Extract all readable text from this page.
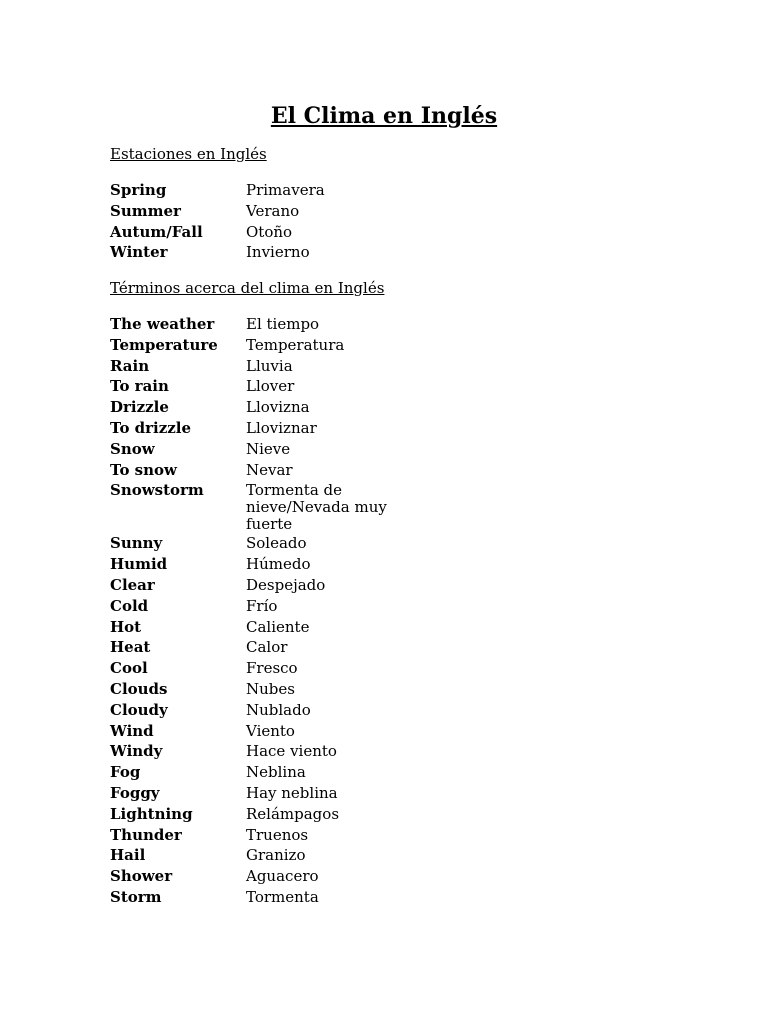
El Clima en Inglés
Estaciones en Inglés
Spring	Primavera
Summer	Verano
Autum/Fall	Otoño
Winter	Invierno
Términos acerca del clima en Inglés
The weather	El tiempo
Temperature	Temperatura
Rain	Lluvia
To rain	Llover
Drizzle	Llovizna
To drizzle	Lloviznar
Snow	Nieve
To snow	Nevar
Snowstorm	Tormenta de nieve/Nevada muy fuerte
Sunny	Soleado
Humid	Húmedo
Clear	Despejado
Cold	Frío
Hot	Caliente
Heat	Calor
Cool	Fresco
Clouds	Nubes
Cloudy	Nublado
Wind	Viento
Windy	Hace viento
Fog	Neblina
Foggy	Hay neblina
Lightning	Relámpagos
Thunder	Truenos
Hail	Granizo
Shower	Aguacero
Storm	Tormenta
